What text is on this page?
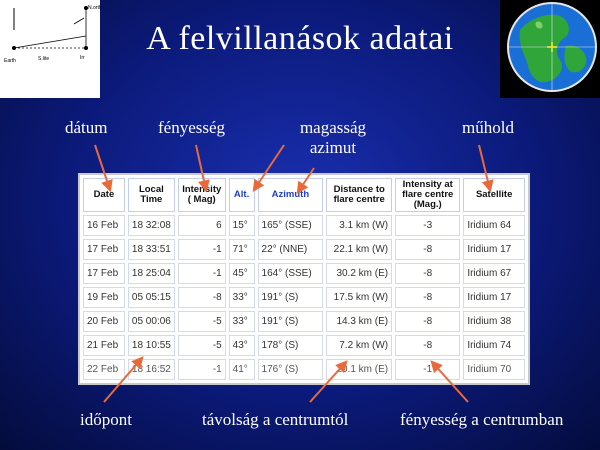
A felvillanások adatai
N.orth
Earth	S.lite	Irr
dátum	fényesség	magasság
azimut
műhold
időpont	távolság a centrumtól	fényesség a centrumban
Date	Local Time	Intensity ( Mag)	Alt.	Azimuth	Distance to flare centre	Intensity at flare centre (Mag.)	Satellite
16 Feb	18 32:08	6	15°	165° (SSE)	3.1 km (W)	-3	Iridium 64
17 Feb	18 33:51	-1	71°	22° (NNE)	22.1 km (W)	-8	Iridium 17
17 Feb	18 25:04	-1	45°	164° (SSE)	30.2 km (E)	-8	Iridium 67
19 Feb	05 05:15	-8	33°	191° (S)	17.5 km (W)	-8	Iridium 17
20 Feb	05 00:06	-5	33°	191° (S)	14.3 km (E)	-8	Iridium 38
21 Feb	18 10:55	-5	43°	178° (S)	7.2 km (W)	-8	Iridium 74
22 Feb	18 16:52	-1	41°	176° (S)	20.1 km (E)	-1	Iridium 70
